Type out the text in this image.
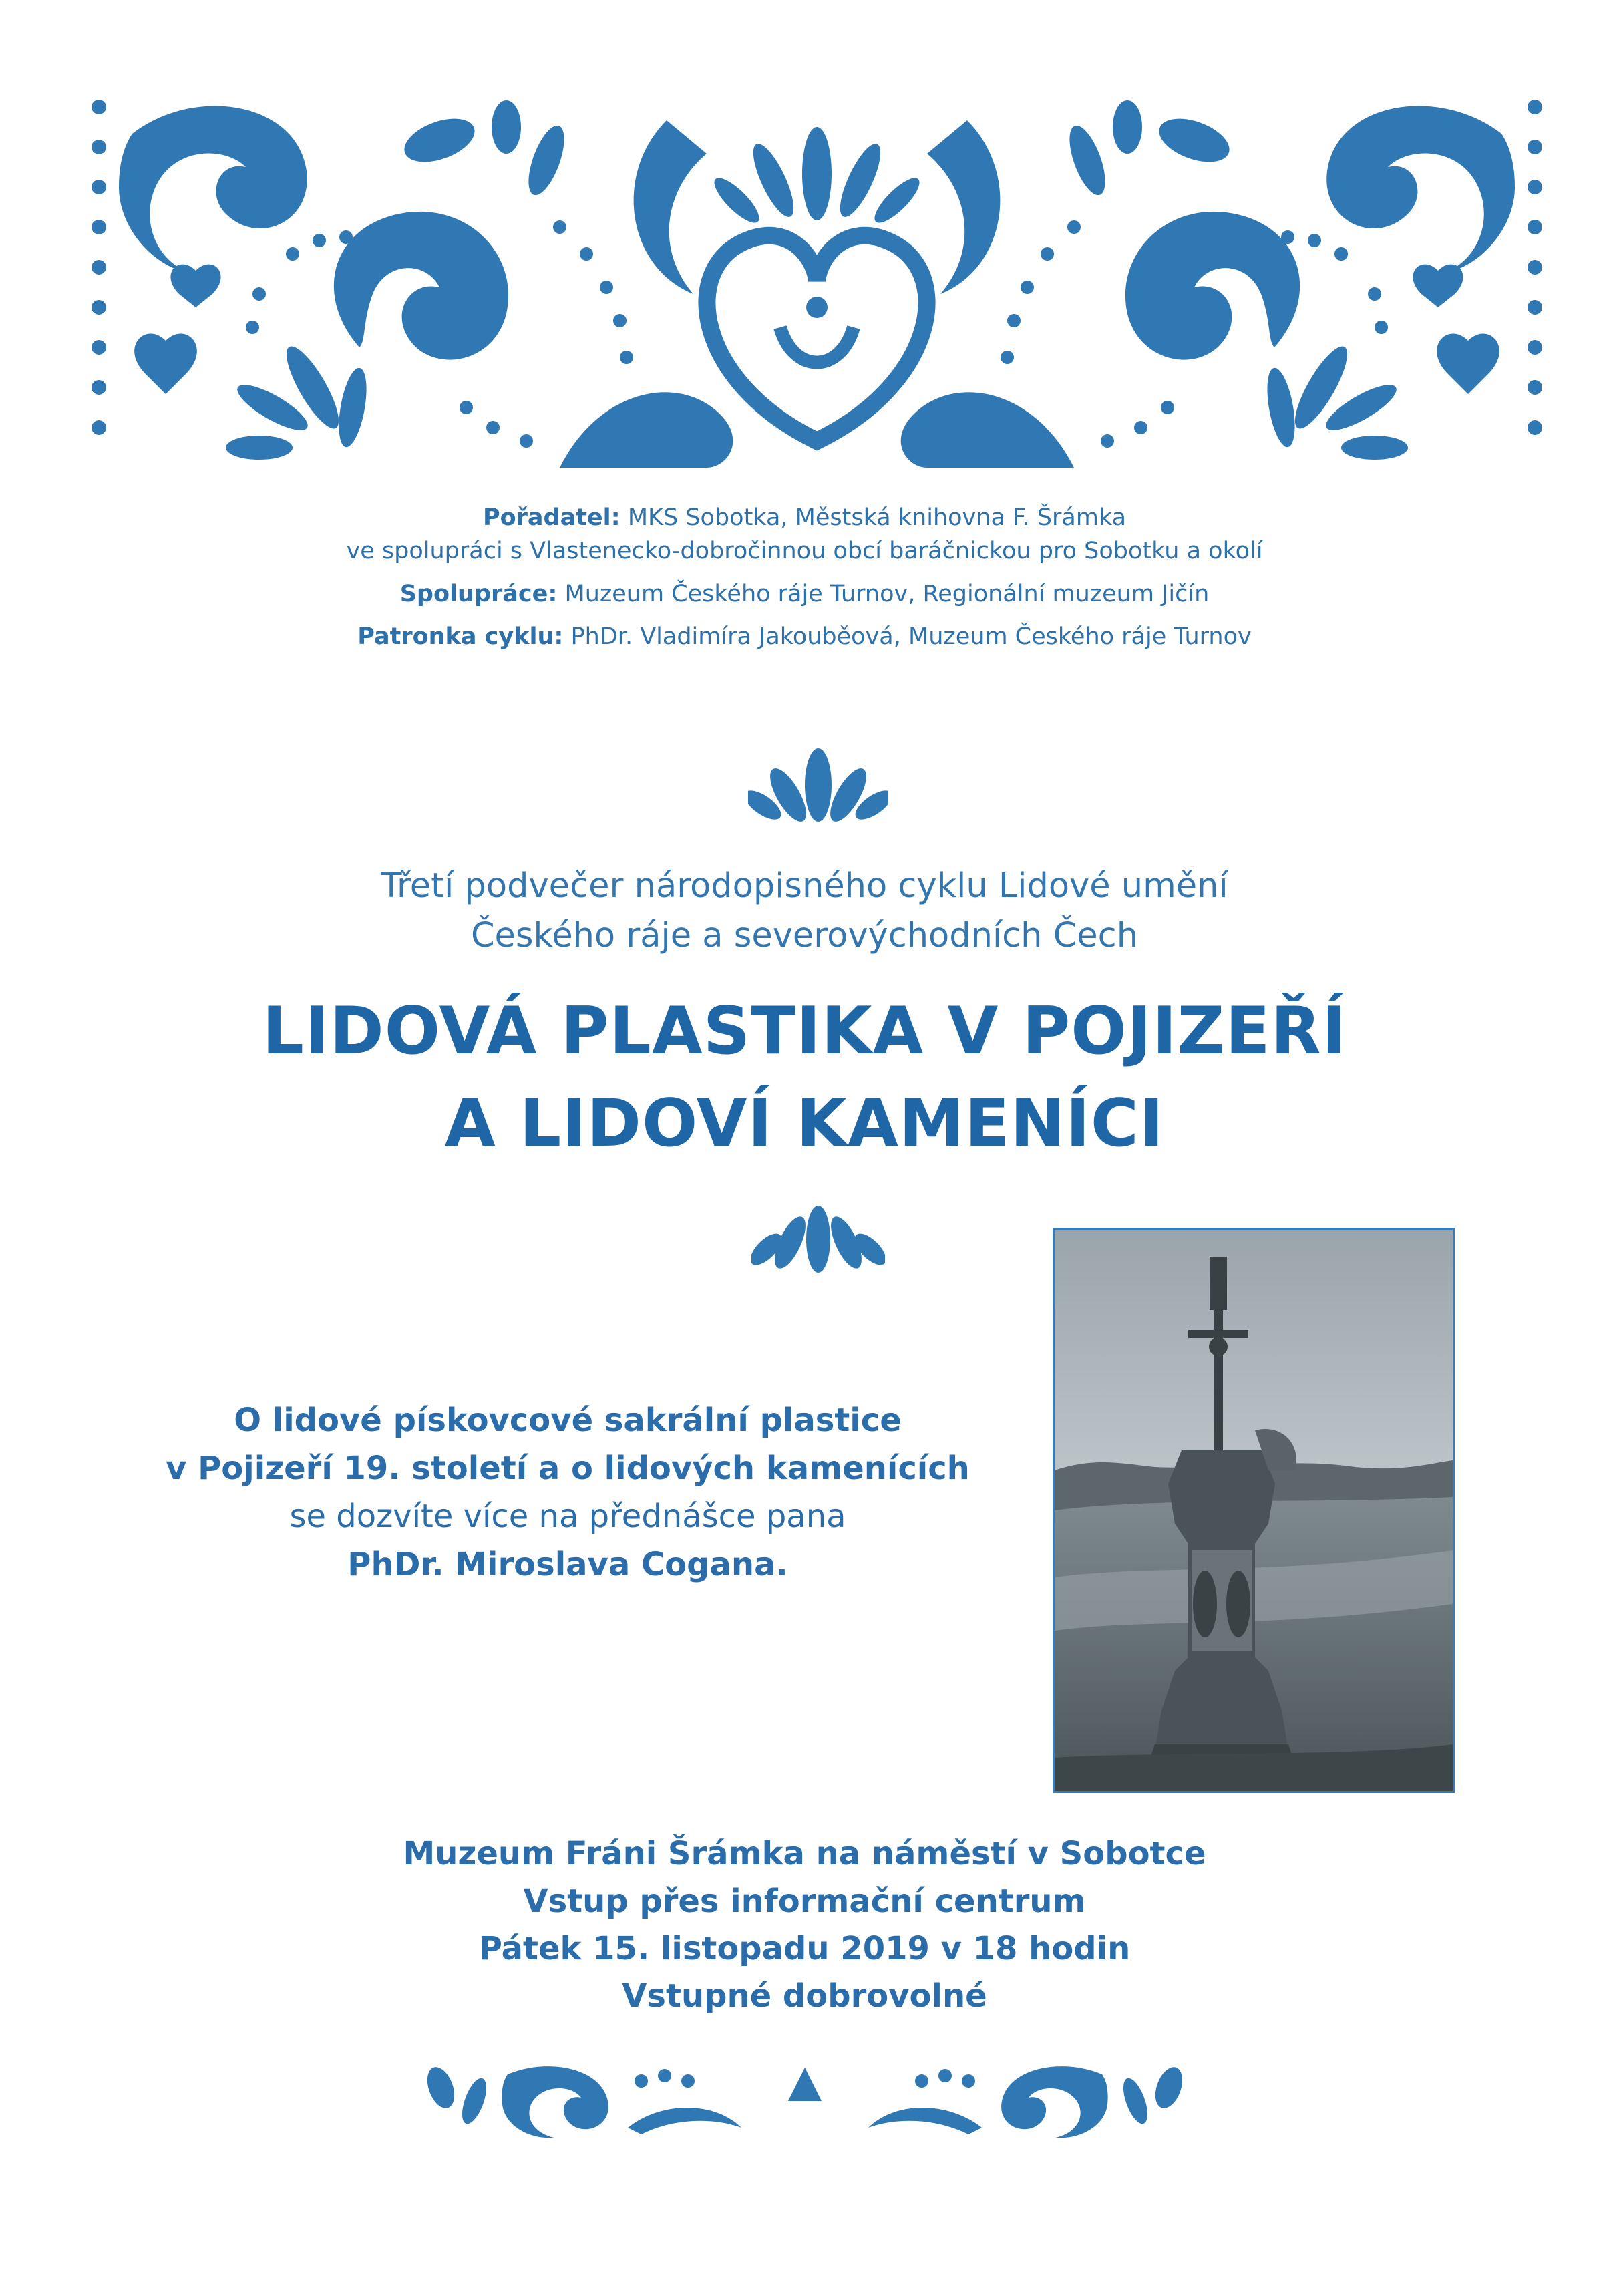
Pořadatel: MKS Sobotka, Městská knihovna F. Šrámka

ve spolupráci s Vlastenecko-dobročinnou obcí baráčnickou pro Sobotku a okolí

Spolupráce: Muzeum Českého ráje Turnov, Regionální muzeum Jičín

Patronka cyklu: PhDr. Vladimíra Jakouběová, Muzeum Českého ráje Turnov

Třetí podvečer národopisného cyklu Lidové umění
Českého ráje a severovýchodních Čech
LIDOVÁ PLASTIKA V POJIZEŘÍ
A LIDOVÍ KAMENÍCI
O lidové pískovcové sakrální plastice
v Pojizeří 19. století a o lidových kamenících
se dozvíte více na přednášce pana
PhDr. Miroslava Cogana.
Muzeum Fráni Šrámka na náměstí v Sobotce
Vstup přes informační centrum
Pátek 15. listopadu 2019 v 18 hodin
Vstupné dobrovolné
